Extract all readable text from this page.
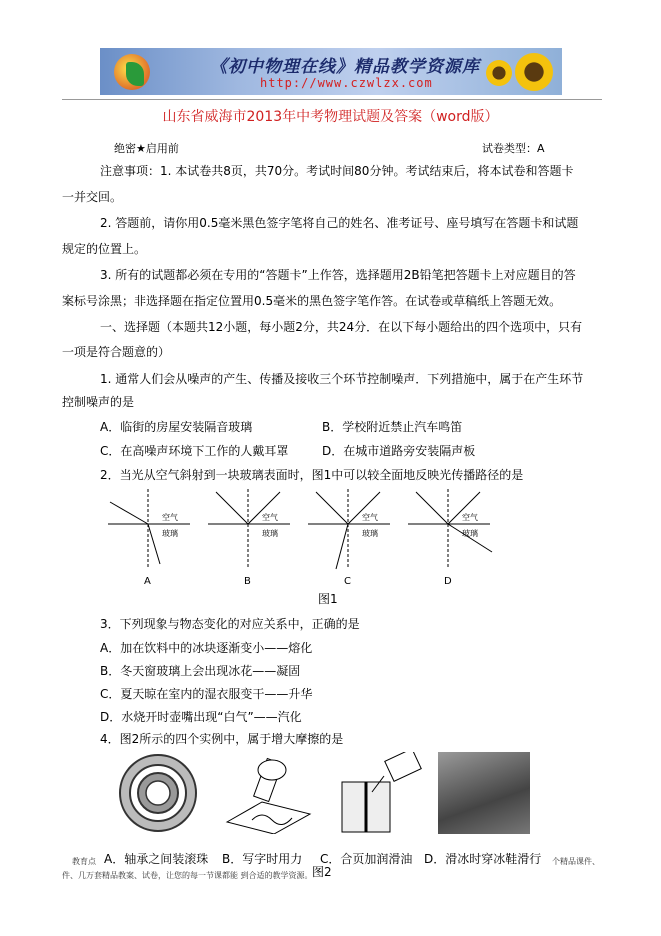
《初中物理在线》精品教学资源库
http://www.czwlzx.com
山东省威海市2013年中考物理试题及答案（word版）
绝密★启用前	试卷类型：A
注意事项：1. 本试卷共8页，共70分。考试时间80分钟。考试结束后，将本试卷和答题卡
一并交回。
2. 答题前，请你用0.5毫米黑色签字笔将自己的姓名、准考证号、座号填写在答题卡和试题
规定的位置上。
3. 所有的试题都必须在专用的“答题卡”上作答，选择题用2B铅笔把答题卡上对应题目的答
案标号涂黑；非选择题在指定位置用0.5毫米的黑色签字笔作答。在试卷或草稿纸上答题无效。
一、选择题（本题共12小题，每小题2分，共24分．在以下每小题给出的四个选项中，只有
一项是符合题意的）
1. 通常人们会从噪声的产生、传播及接收三个环节控制噪声．下列措施中，属于在产生环节
控制噪声的是
A．临街的房屋安装隔音玻璃	B．学校附近禁止汽车鸣笛
C．在高噪声环境下工作的人戴耳罩	D．在城市道路旁安装隔声板
2．当光从空气斜射到一块玻璃表面时，图1中可以较全面地反映光传播路径的是
空气
玻璃
空气
玻璃
空气
玻璃
空气
玻璃
A	B	C	D
图1
3．下列现象与物态变化的对应关系中，正确的是
A．加在饮料中的冰块逐渐变小——熔化
B．冬天窗玻璃上会出现冰花——凝固
C．夏天晾在室内的湿衣服变干——升华
D．水烧开时壶嘴出现“白气”——汽化
4．图2所示的四个实例中，属于增大摩擦的是
A．轴承之间装滚珠 B．写字时用力 C．合页加润滑油 D．滑冰时穿冰鞋滑行
图2
教育点	个精品课件、
件、几万套精品教案、试卷，让您的每一节课都能 到合适的教学资源。
